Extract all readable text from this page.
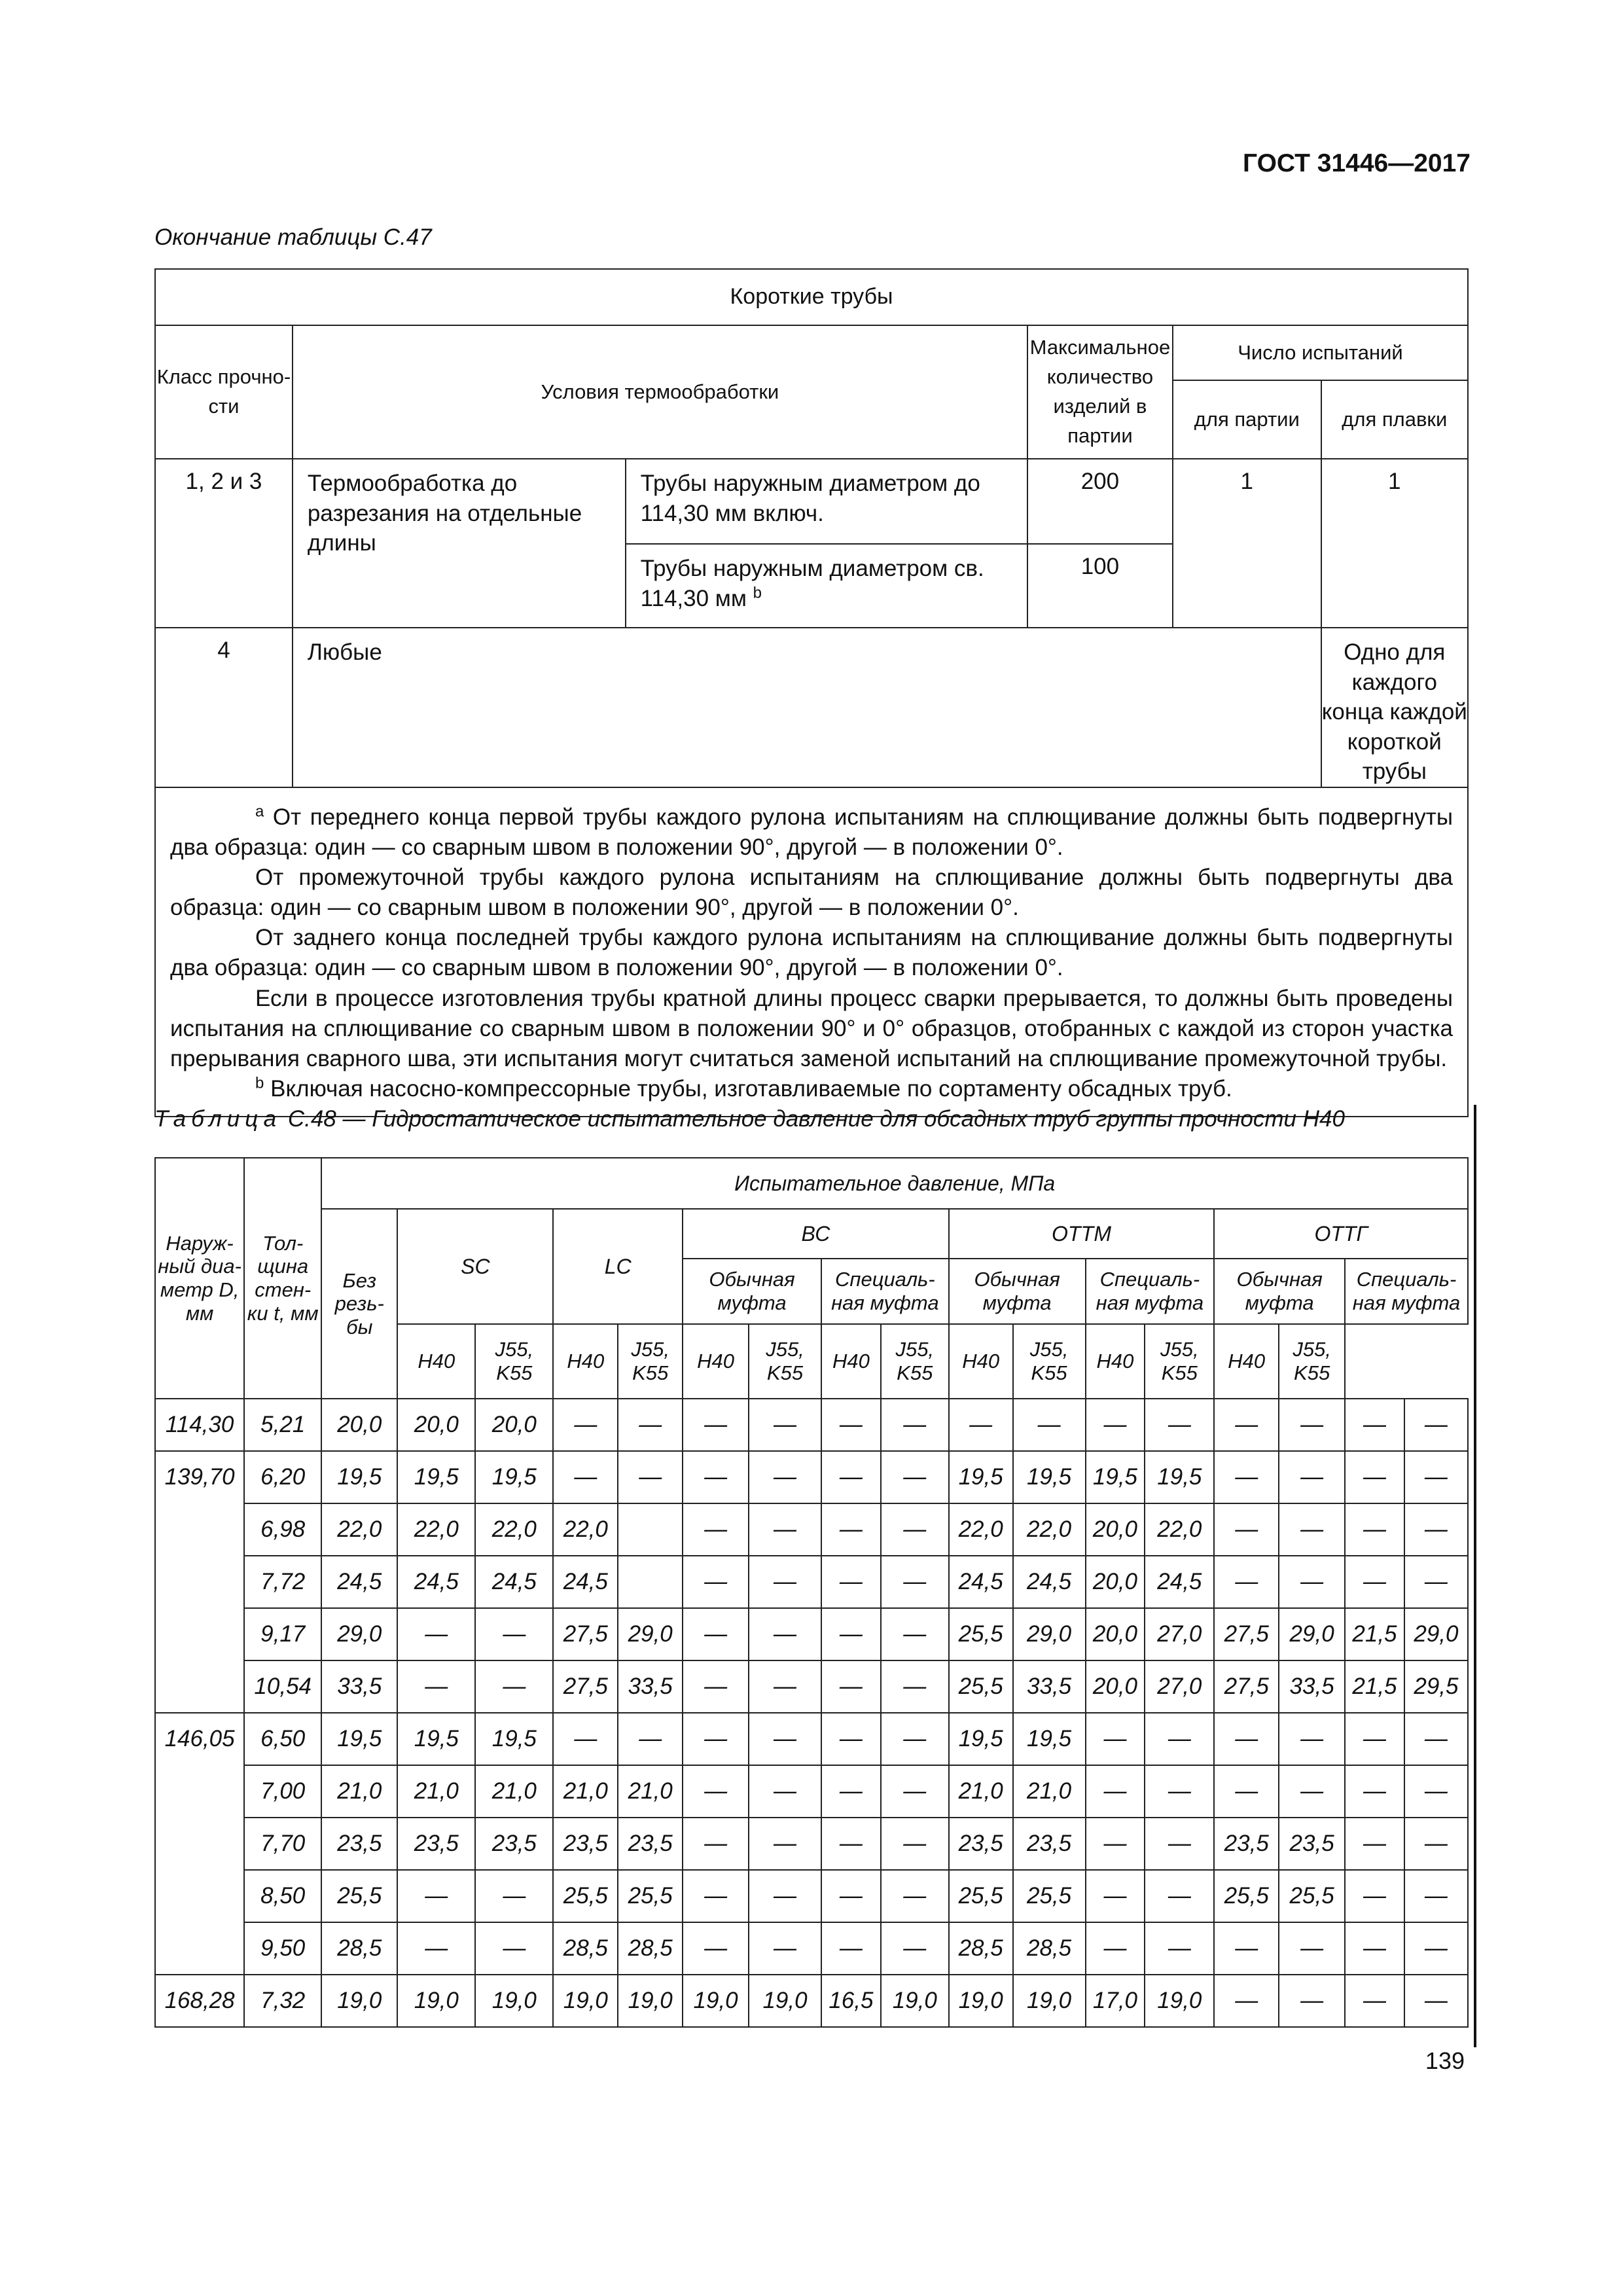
ГОСТ 31446—2017
Окончание таблицы С.47
Короткие трубы					
Класс прочно-сти	Условия термообработки		Максимальное количество изделий в партии	Число испытаний	
				для партии	для плавки
1, 2 и 3	Термообработка до разрезания на отдельные длины	Трубы наружным диаметром до 114,30 мм включ.	200	1	1
		Трубы наружным диаметром св. 114,30 мм $^b$	100		
4	Любые				Одно для каждого конца каждой короткой трубы

$^a$ От переднего конца первой трубы каждого рулона испытаниям на сплющивание должны быть подвергнуты два образца: один — со сварным швом в положении 90°, другой — в положении 0°.

От промежуточной трубы каждого рулона испытаниям на сплющивание должны быть подвергнуты два образца: один — со сварным швом в положении 90°, другой — в положении 0°.

От заднего конца последней трубы каждого рулона испытаниям на сплющивание должны быть подвергнуты два образца: один — со сварным швом в положении 90°, другой — в положении 0°.

Если в процессе изготовления трубы кратной длины процесс сварки прерывается, то должны быть проведены испытания на сплющивание со сварным швом в положении 90° и 0° образцов, отобранных с каждой из сторон участка прерывания сварного шва, эти испытания могут считаться заменой испытаний на сплющивание промежуточной трубы.

$^b$ Включая насосно-компрессорные трубы, изготавливаемые по сортаменту обсадных труб.					

Таблица С.48 — Гидростатическое испытательное давление для обсадных труб группы прочности Н40
Наруж-ный диа-метр D, мм	Тол-щина стен-ки t, мм	Испытательное давление, МПа																
		Без резь-бы	SC		LC		ВС				ОТТМ				ОТТГ			
							Обычная муфта		Специаль-ная муфта		Обычная муфта		Специаль-ная муфта		Обычная муфта		Специаль-ная муфта	
			Н40	J55, K55	Н40	J55, K55	Н40	J55, K55	Н40	J55, K55	Н40	J55, K55	Н40	J55, K55	Н40	J55, K55		
114,30	5,21	20,0	20,0	20,0	—	—	—	—	—	—	—	—	—	—	—	—	—	—
139,70	6,20	19,5	19,5	19,5	—	—	—	—	—	—	19,5	19,5	19,5	19,5	—	—	—	—
	6,98	22,0	22,0	22,0	22,0		—	—	—	—	22,0	22,0	20,0	22,0	—	—	—	—
	7,72	24,5	24,5	24,5	24,5		—	—	—	—	24,5	24,5	20,0	24,5	—	—	—	—
	9,17	29,0	—	—	27,5	29,0	—	—	—	—	25,5	29,0	20,0	27,0	27,5	29,0	21,5	29,0
	10,54	33,5	—	—	27,5	33,5	—	—	—	—	25,5	33,5	20,0	27,0	27,5	33,5	21,5	29,5
146,05	6,50	19,5	19,5	19,5	—	—	—	—	—	—	19,5	19,5	—	—	—	—	—	—
	7,00	21,0	21,0	21,0	21,0	21,0	—	—	—	—	21,0	21,0	—	—	—	—	—	—
	7,70	23,5	23,5	23,5	23,5	23,5	—	—	—	—	23,5	23,5	—	—	23,5	23,5	—	—
	8,50	25,5	—	—	25,5	25,5	—	—	—	—	25,5	25,5	—	—	25,5	25,5	—	—
	9,50	28,5	—	—	28,5	28,5	—	—	—	—	28,5	28,5	—	—	—	—	—	—
168,28	7,32	19,0	19,0	19,0	19,0	19,0	19,0	19,0	16,5	19,0	19,0	19,0	17,0	19,0	—	—	—	—
139
